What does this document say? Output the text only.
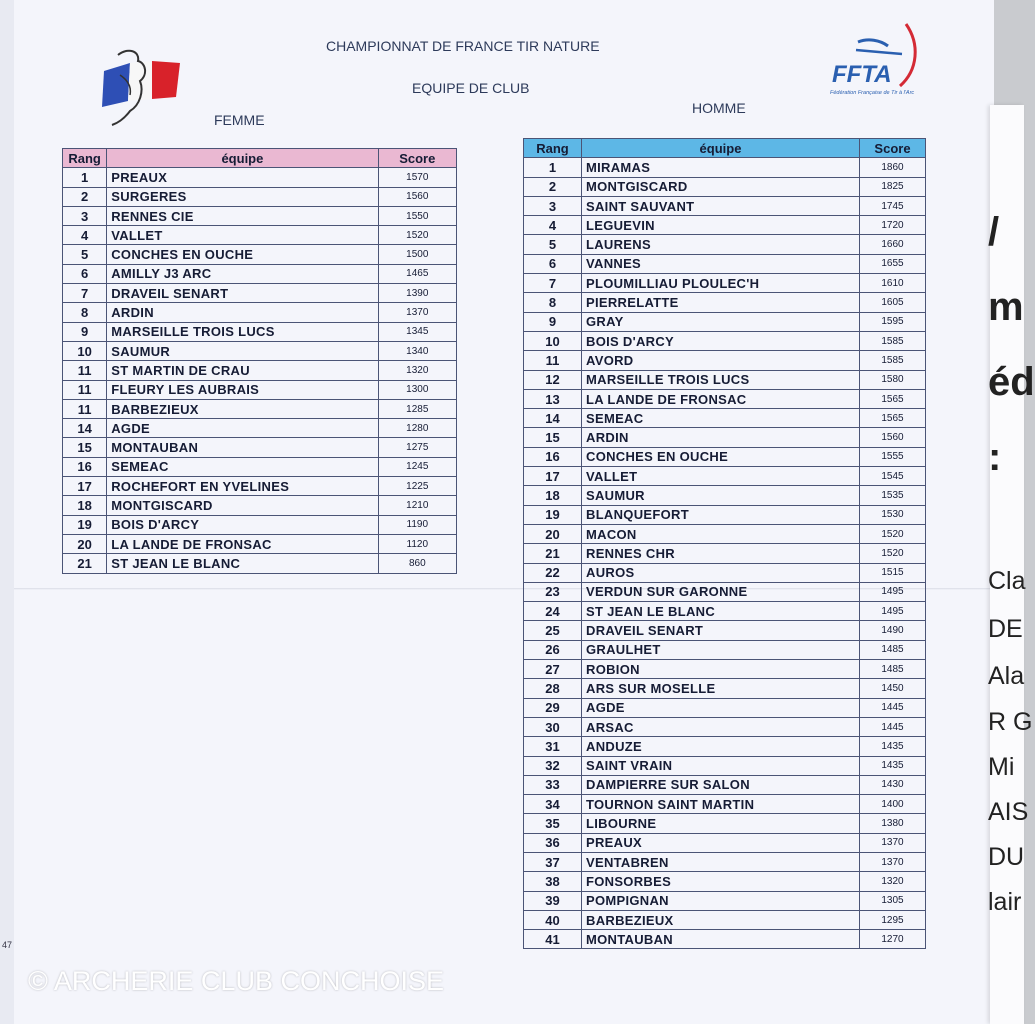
47
/
m
éd
:
Cla
DE
Ala
R G
Mi
AIS
DU
lair
FFTA
Fédération Française de Tir à l'Arc
CHAMPIONNAT DE FRANCE TIR NATURE
EQUIPE DE CLUB
FEMME
HOMME
Rang	équipe	Score
1	PREAUX	1570
2	SURGERES	1560
3	RENNES CIE	1550
4	VALLET	1520
5	CONCHES EN OUCHE	1500
6	AMILLY J3 ARC	1465
7	DRAVEIL SENART	1390
8	ARDIN	1370
9	MARSEILLE TROIS LUCS	1345
10	SAUMUR	1340
11	ST MARTIN DE CRAU	1320
11	FLEURY LES AUBRAIS	1300
11	BARBEZIEUX	1285
14	AGDE	1280
15	MONTAUBAN	1275
16	SEMEAC	1245
17	ROCHEFORT EN YVELINES	1225
18	MONTGISCARD	1210
19	BOIS D'ARCY	1190
20	LA LANDE DE FRONSAC	1120
21	ST JEAN LE BLANC	860
Rang	équipe	Score
1	MIRAMAS	1860
2	MONTGISCARD	1825
3	SAINT SAUVANT	1745
4	LEGUEVIN	1720
5	LAURENS	1660
6	VANNES	1655
7	PLOUMILLIAU PLOULEC'H	1610
8	PIERRELATTE	1605
9	GRAY	1595
10	BOIS D'ARCY	1585
11	AVORD	1585
12	MARSEILLE TROIS LUCS	1580
13	LA LANDE DE FRONSAC	1565
14	SEMEAC	1565
15	ARDIN	1560
16	CONCHES EN OUCHE	1555
17	VALLET	1545
18	SAUMUR	1535
19	BLANQUEFORT	1530
20	MACON	1520
21	RENNES CHR	1520
22	AUROS	1515
23	VERDUN SUR GARONNE	1495
24	ST JEAN LE BLANC	1495
25	DRAVEIL SENART	1490
26	GRAULHET	1485
27	ROBION	1485
28	ARS SUR MOSELLE	1450
29	AGDE	1445
30	ARSAC	1445
31	ANDUZE	1435
32	SAINT VRAIN	1435
33	DAMPIERRE SUR SALON	1430
34	TOURNON SAINT MARTIN	1400
35	LIBOURNE	1380
36	PREAUX	1370
37	VENTABREN	1370
38	FONSORBES	1320
39	POMPIGNAN	1305
40	BARBEZIEUX	1295
41	MONTAUBAN	1270
© ARCHERIE CLUB CONCHOISE
